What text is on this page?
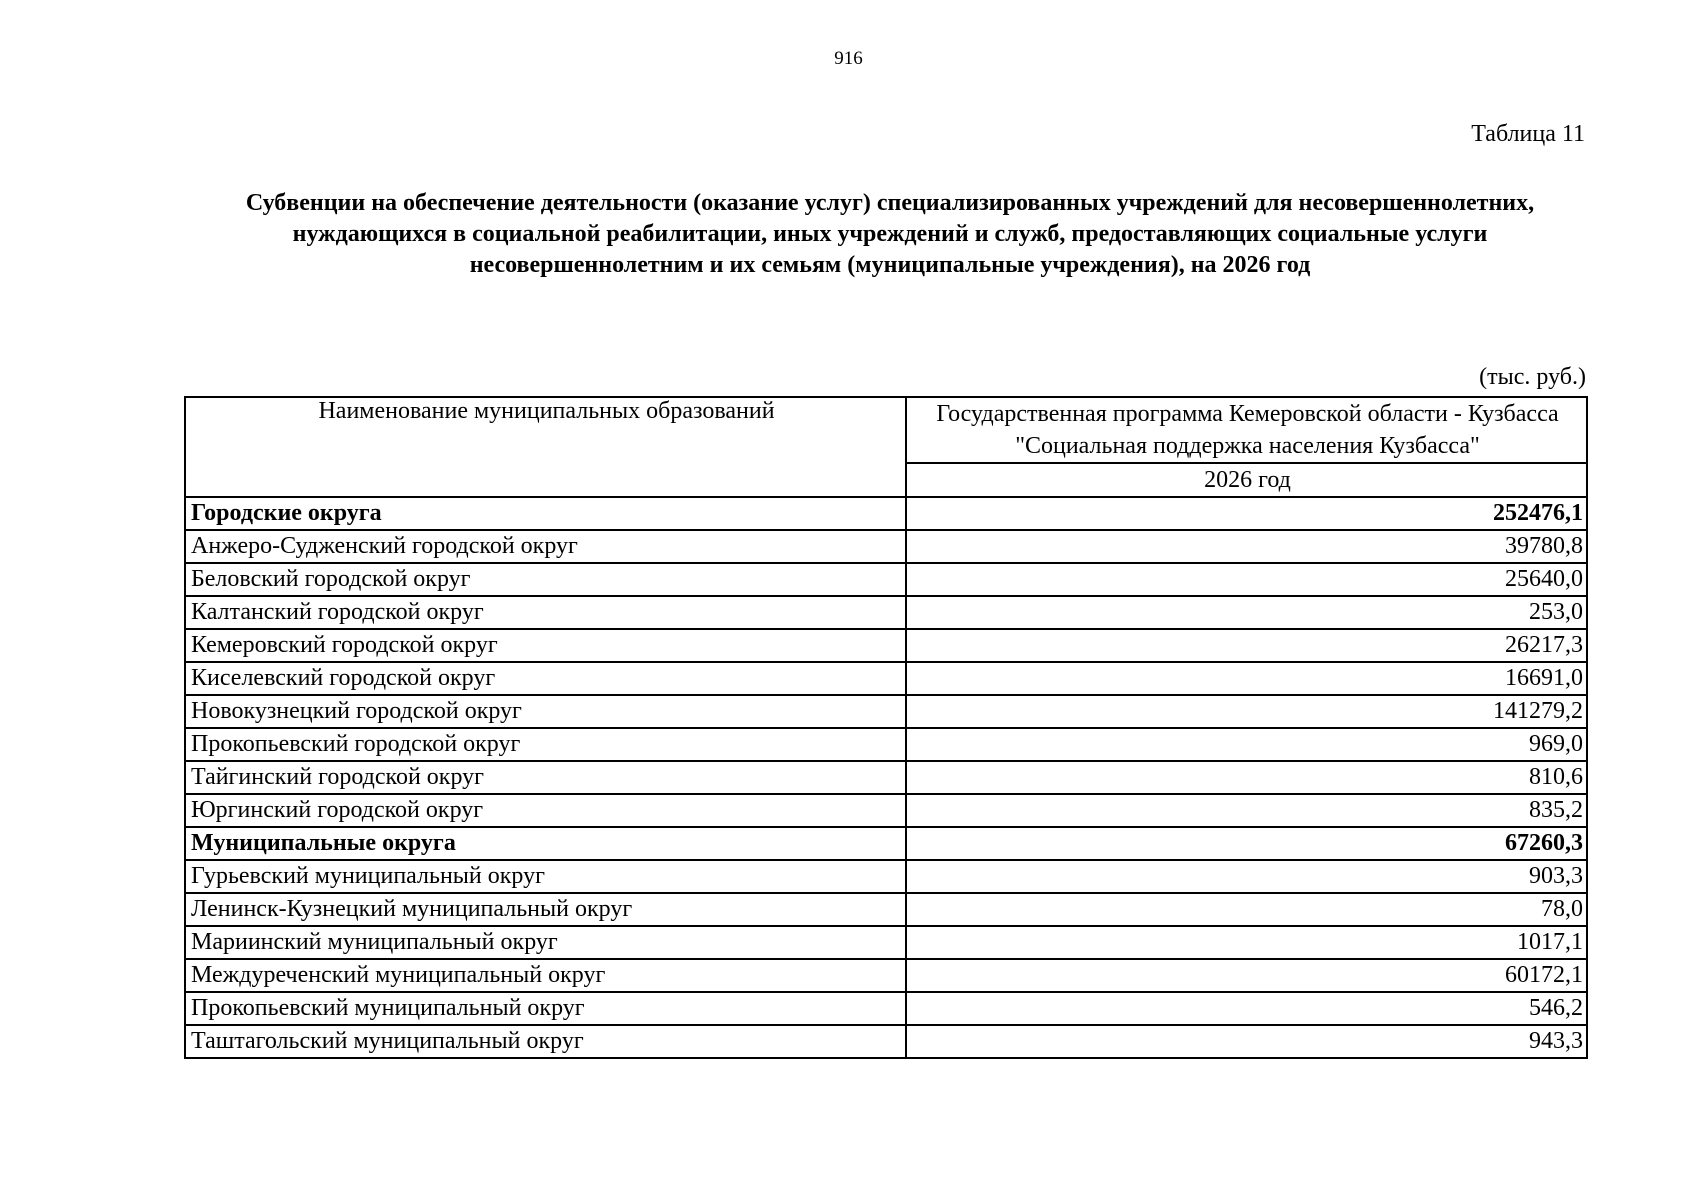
916
Таблица 11
Субвенции на обеспечение деятельности (оказание услуг) специализированных учреждений для несовершеннолетних, нуждающихся в социальной реабилитации, иных учреждений и служб, предоставляющих социальные услуги несовершеннолетним и их семьям (муниципальные учреждения), на 2026 год
(тыс. руб.)
Наименование муниципальных образований	Государственная программа Кемеровской области - Кузбасса "Социальная поддержка населения Кузбасса"
	2026 год
Городские округа	252476,1
Анжеро-Судженский городской округ	39780,8
Беловский городской округ	25640,0
Калтанский городской округ	253,0
Кемеровский городской округ	26217,3
Киселевский городской округ	16691,0
Новокузнецкий городской округ	141279,2
Прокопьевский городской округ	969,0
Тайгинский городской округ	810,6
Юргинский городской округ	835,2
Муниципальные округа	67260,3
Гурьевский муниципальный округ	903,3
Ленинск-Кузнецкий муниципальный округ	78,0
Мариинский муниципальный округ	1017,1
Междуреченский муниципальный округ	60172,1
Прокопьевский муниципальный округ	546,2
Таштагольский муниципальный округ	943,3
